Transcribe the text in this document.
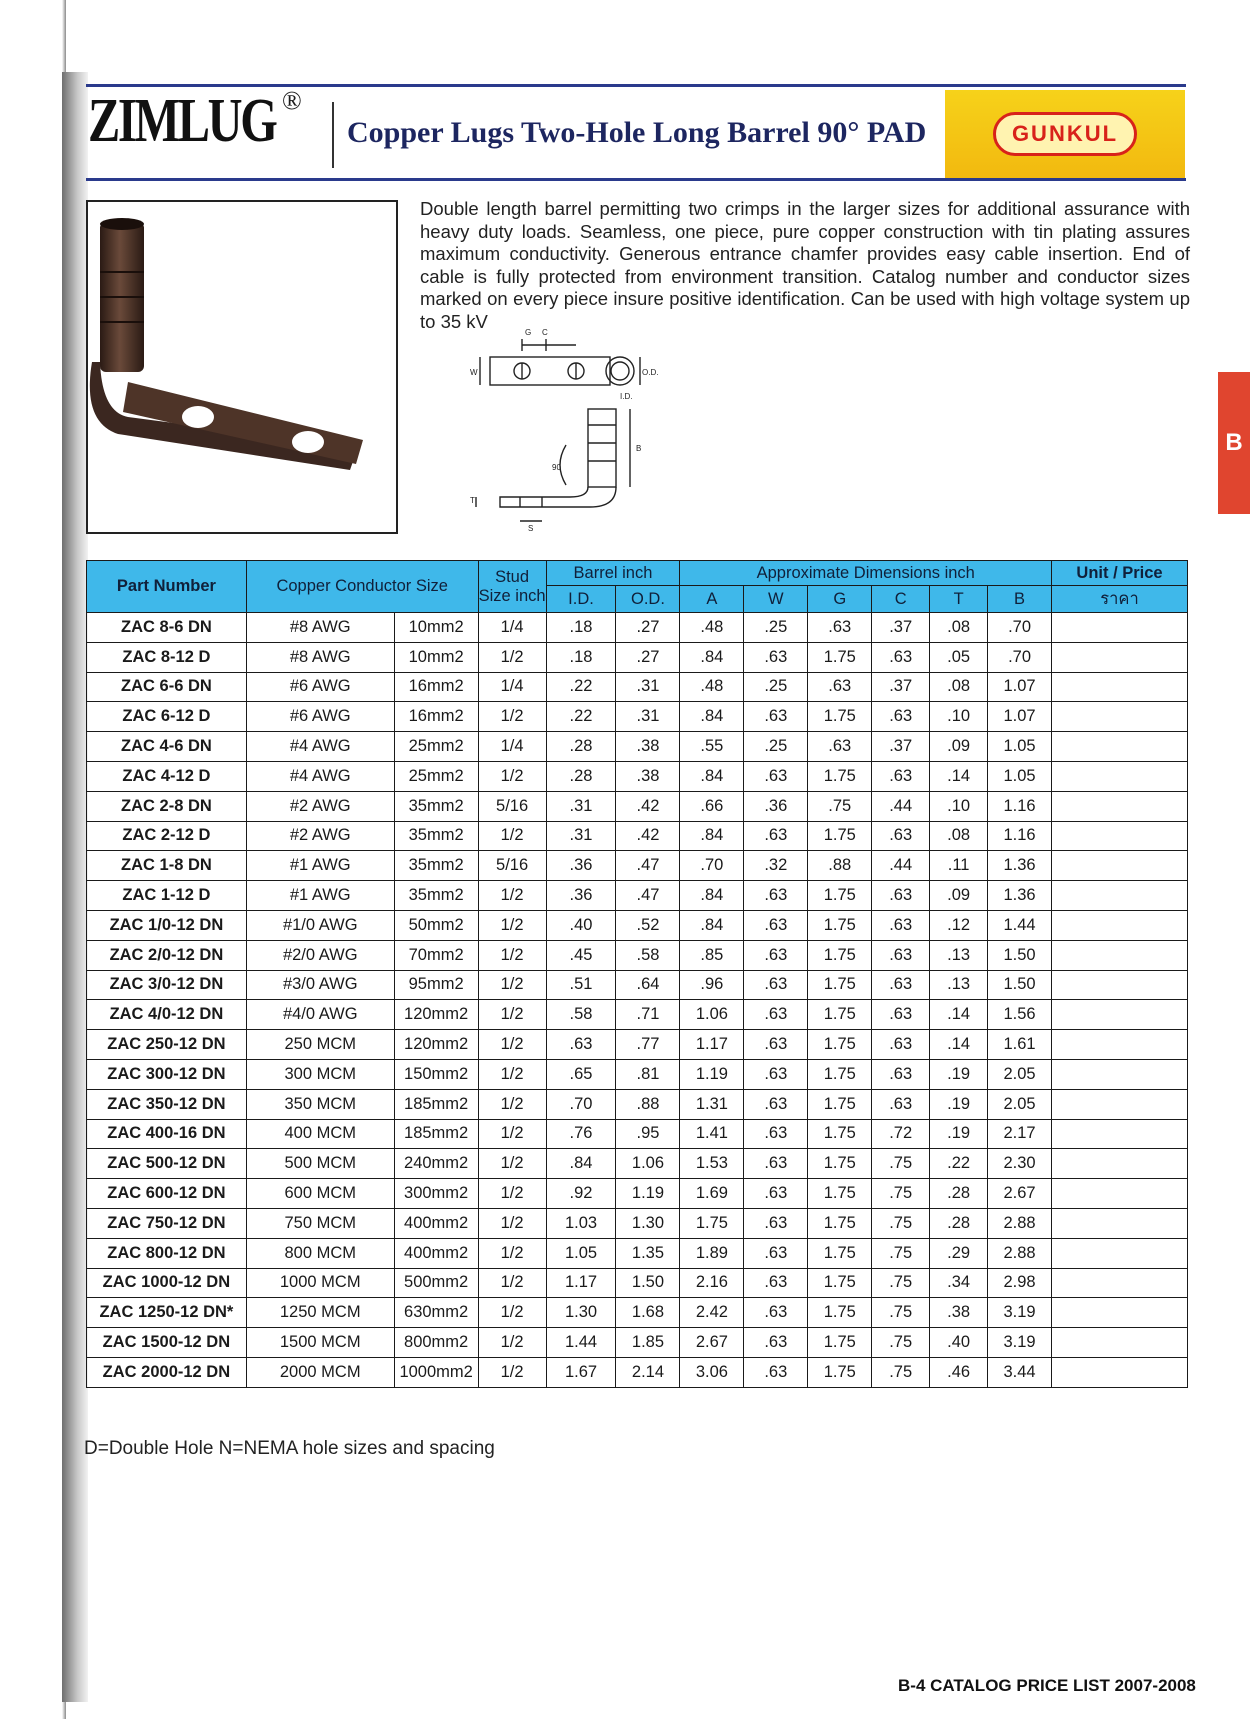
ZIMLUG ®
Copper Lugs Two-Hole Long Barrel 90° PAD	GUNKUL
Double length barrel permitting two crimps in the larger sizes for additional assurance with heavy duty loads. Seamless, one piece, pure copper construction with tin plating assures maximum conductivity. Generous entrance chamfer provides easy cable insertion. End of cable is fully protected from environment transition. Catalog number and conductor sizes marked on every piece insure positive identification. Can be used with high voltage system up to 35 kV
G C
W	O.D.
I.D.
B
90
T
S
B
Part Number	Copper Conductor Size		Stud Size inch	Barrel inch		Approximate Dimensions inch						Unit / Price
						A	W	G	C	T	B	
				I.D.	O.D.							ราคา
ZAC 8-6 DN	#8 AWG	10mm2	1/4	.18	.27	.48	.25	.63	.37	.08	.70	
ZAC 8-12 D	#8 AWG	10mm2	1/2	.18	.27	.84	.63	1.75	.63	.05	.70	
ZAC 6-6 DN	#6 AWG	16mm2	1/4	.22	.31	.48	.25	.63	.37	.08	1.07	
ZAC 6-12 D	#6 AWG	16mm2	1/2	.22	.31	.84	.63	1.75	.63	.10	1.07	
ZAC 4-6 DN	#4 AWG	25mm2	1/4	.28	.38	.55	.25	.63	.37	.09	1.05	
ZAC 4-12 D	#4 AWG	25mm2	1/2	.28	.38	.84	.63	1.75	.63	.14	1.05	
ZAC 2-8 DN	#2 AWG	35mm2	5/16	.31	.42	.66	.36	.75	.44	.10	1.16	
ZAC 2-12 D	#2 AWG	35mm2	1/2	.31	.42	.84	.63	1.75	.63	.08	1.16	
ZAC 1-8 DN	#1 AWG	35mm2	5/16	.36	.47	.70	.32	.88	.44	.11	1.36	
ZAC 1-12 D	#1 AWG	35mm2	1/2	.36	.47	.84	.63	1.75	.63	.09	1.36	
ZAC 1/0-12 DN	#1/0 AWG	50mm2	1/2	.40	.52	.84	.63	1.75	.63	.12	1.44	
ZAC 2/0-12 DN	#2/0 AWG	70mm2	1/2	.45	.58	.85	.63	1.75	.63	.13	1.50	
ZAC 3/0-12 DN	#3/0 AWG	95mm2	1/2	.51	.64	.96	.63	1.75	.63	.13	1.50	
ZAC 4/0-12 DN	#4/0 AWG	120mm2	1/2	.58	.71	1.06	.63	1.75	.63	.14	1.56	
ZAC 250-12 DN	250 MCM	120mm2	1/2	.63	.77	1.17	.63	1.75	.63	.14	1.61	
ZAC 300-12 DN	300 MCM	150mm2	1/2	.65	.81	1.19	.63	1.75	.63	.19	2.05	
ZAC 350-12 DN	350 MCM	185mm2	1/2	.70	.88	1.31	.63	1.75	.63	.19	2.05	
ZAC 400-16 DN	400 MCM	185mm2	1/2	.76	.95	1.41	.63	1.75	.72	.19	2.17	
ZAC 500-12 DN	500 MCM	240mm2	1/2	.84	1.06	1.53	.63	1.75	.75	.22	2.30	
ZAC 600-12 DN	600 MCM	300mm2	1/2	.92	1.19	1.69	.63	1.75	.75	.28	2.67	
ZAC 750-12 DN	750 MCM	400mm2	1/2	1.03	1.30	1.75	.63	1.75	.75	.28	2.88	
ZAC 800-12 DN	800 MCM	400mm2	1/2	1.05	1.35	1.89	.63	1.75	.75	.29	2.88	
ZAC 1000-12 DN	1000 MCM	500mm2	1/2	1.17	1.50	2.16	.63	1.75	.75	.34	2.98	
ZAC 1250-12 DN*	1250 MCM	630mm2	1/2	1.30	1.68	2.42	.63	1.75	.75	.38	3.19	
ZAC 1500-12 DN	1500 MCM	800mm2	1/2	1.44	1.85	2.67	.63	1.75	.75	.40	3.19	
ZAC 2000-12 DN	2000 MCM	1000mm2	1/2	1.67	2.14	3.06	.63	1.75	.75	.46	3.44	
D=Double Hole N=NEMA hole sizes and spacing
B-4 CATALOG PRICE LIST 2007-2008
